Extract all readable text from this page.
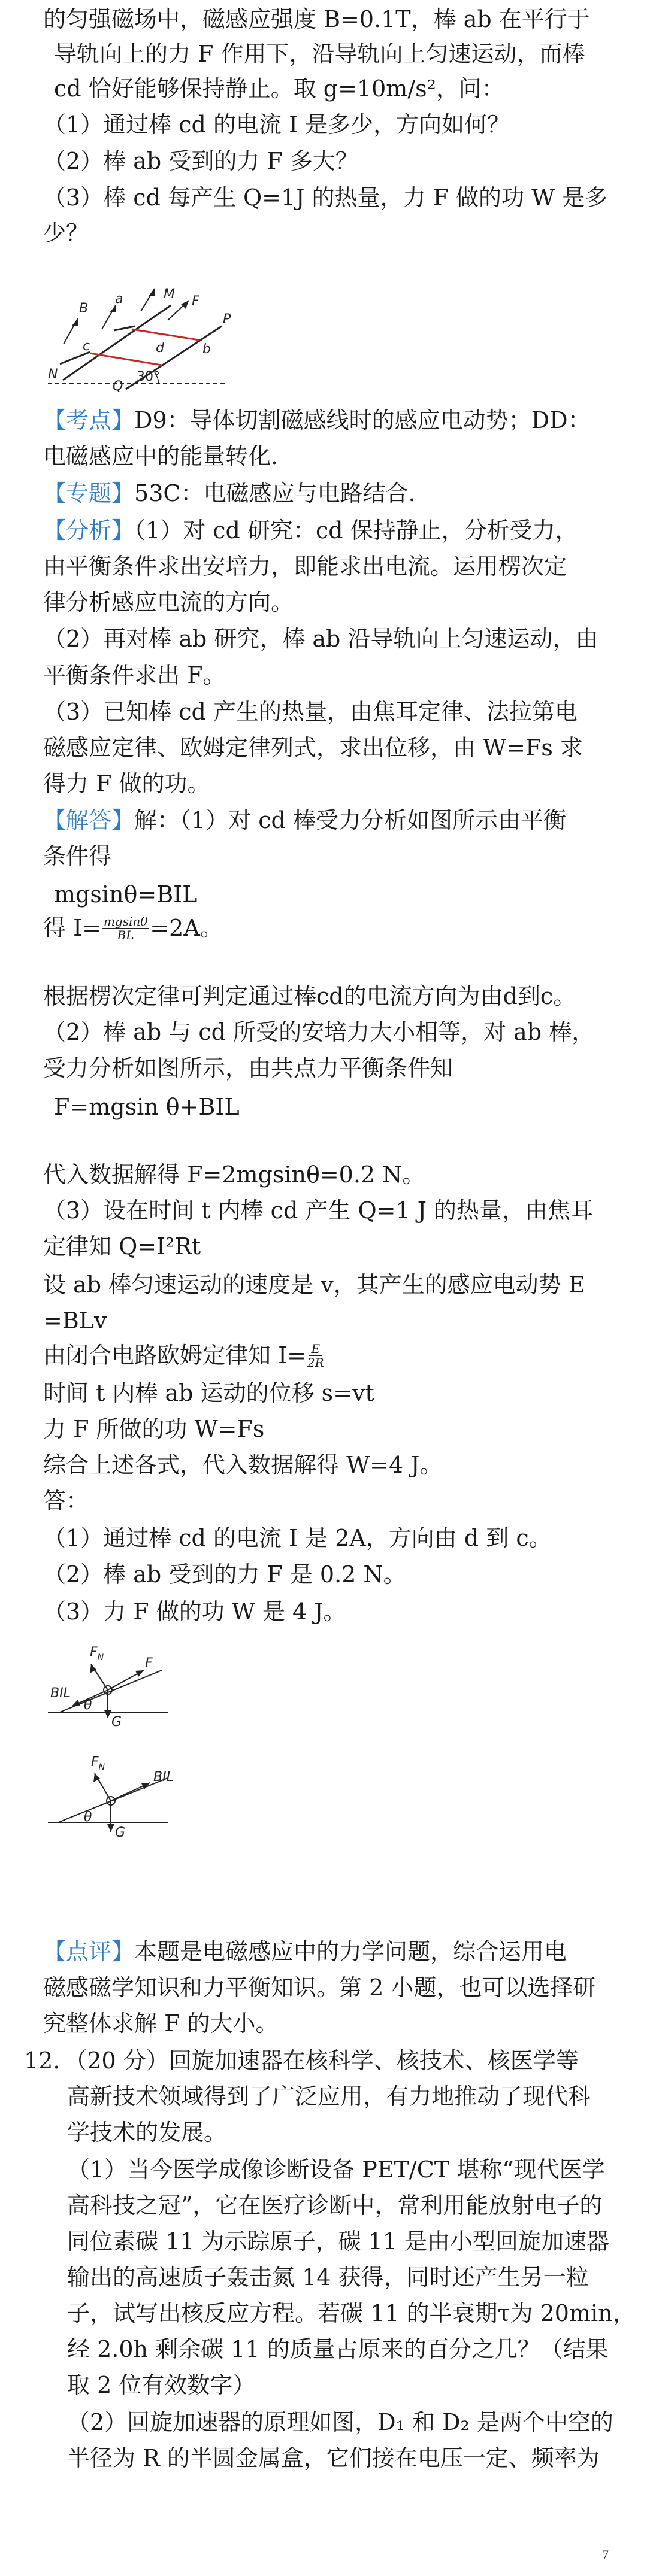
的匀强磁场中，磁感应强度 B=0.1T，棒 ab 在平行于
导轨向上的力 F 作用下，沿导轨向上匀速运动，而棒
cd 恰好能够保持静止。取 g=10m/s²，问：
（1）通过棒 cd 的电流 I 是多少，方向如何？
（2）棒 ab 受到的力 F 多大？
（3）棒 cd 每产生 Q=1J 的热量，力 F 做的功 W 是多
少？
B
a	M F
P
c	d	b
N
Q
30°
【考点】D9：导体切割磁感线时的感应电动势；DD：
电磁感应中的能量转化.
【专题】53C：电磁感应与电路结合.
【分析】（1）对 cd 研究：cd 保持静止，分析受力，
由平衡条件求出安培力，即能求出电流。运用楞次定
律分析感应电流的方向。
（2）再对棒 ab 研究，棒 ab 沿导轨向上匀速运动，由
平衡条件求出 F。
（3）已知棒 cd 产生的热量，由焦耳定律、法拉第电
磁感应定律、欧姆定律列式，求出位移，由 W=Fs 求
得力 F 做的功。
【解答】解：（1）对 cd 棒受力分析如图所示由平衡
条件得
mgsinθ=BIL
得 $I= \frac{mgsin\theta}{BL} =2A$。
根据楞次定律可判定通过棒cd的电流方向为由d到c。
（2）棒 ab 与 cd 所受的安培力大小相等，对 ab 棒，
受力分析如图所示，由共点力平衡条件知
F=mgsin θ+BIL
代入数据解得 F=2mgsinθ=0.2 N。
（3）设在时间 t 内棒 cd 产生 Q=1 J 的热量，由焦耳
定律知 Q=I²Rt
设 ab 棒匀速运动的速度是 v，其产生的感应电动势 E
=BLv
由闭合电路欧姆定律知 $I= \frac{E}{2R}$
时间 t 内棒 ab 运动的位移 s=vt
力 F 所做的功 W=Fs
综合上述各式，代入数据解得 W=4 J。
答：
（1）通过棒 cd 的电流 I 是 2A，方向由 d 到 c。
（2）棒 ab 受到的力 F 是 0.2 N。
（3）力 F 做的功 W 是 4 J。
$F_N$	F
BIL
θ
G
$F_N$
BIL
θ
G
【点评】本题是电磁感应中的力学问题，综合运用电
磁感磁学知识和力平衡知识。第 2 小题，也可以选择研
究整体求解 F 的大小。
12．（20 分）回旋加速器在核科学、核技术、核医学等
高新技术领域得到了广泛应用，有力地推动了现代科
学技术的发展。
（1）当今医学成像诊断设备 PET/CT 堪称“现代医学
高科技之冠”，它在医疗诊断中，常利用能放射电子的
同位素碳 11 为示踪原子，碳 11 是由小型回旋加速器
输出的高速质子轰击氮 14 获得，同时还产生另一粒
子，试写出核反应方程。若碳 11 的半衰期τ为 20min，
经 2.0h 剩余碳 11 的质量占原来的百分之几？（结果
取 2 位有效数字）
（2）回旋加速器的原理如图，D₁ 和 D₂ 是两个中空的
半径为 R 的半圆金属盒，它们接在电压一定、频率为
7
